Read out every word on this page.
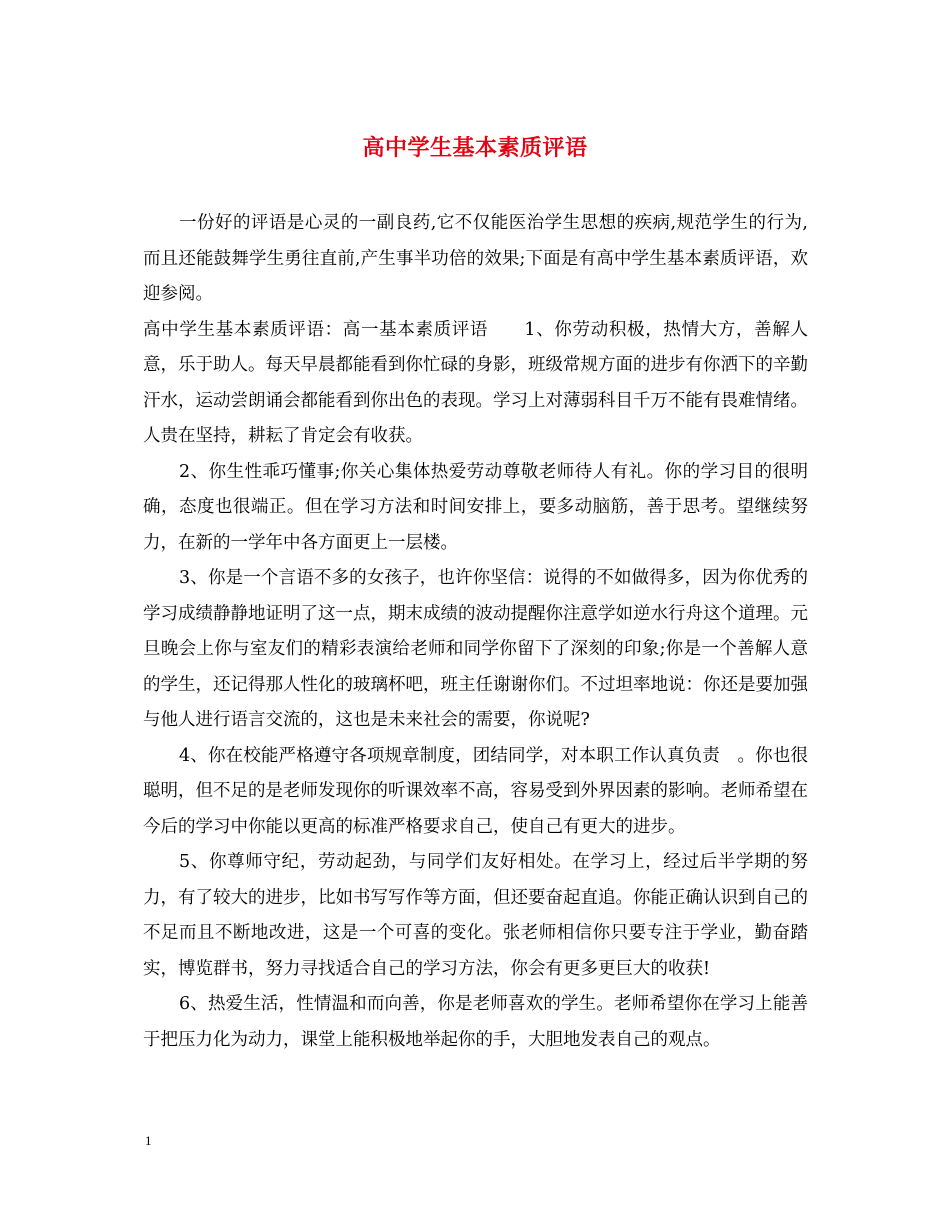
高中学生基本素质评语

一份好的评语是心灵的一副良药,它不仅能医治学生思想的疾病,规范学生的行为,而且还能鼓舞学生勇往直前,产生事半功倍的效果;下面是有高中学生基本素质评语，欢迎参阅。

高中学生基本素质评语：高一基本素质评语　　1、你劳动积极，热情大方，善解人意，乐于助人。每天早晨都能看到你忙碌的身影，班级常规方面的进步有你洒下的辛勤汗水，运动尝朗诵会都能看到你出色的表现。学习上对薄弱科目千万不能有畏难情绪。人贵在坚持，耕耘了肯定会有收获。

2、你生性乖巧懂事;你关心集体热爱劳动尊敬老师待人有礼。你的学习目的很明确，态度也很端正。但在学习方法和时间安排上，要多动脑筋，善于思考。望继续努力，在新的一学年中各方面更上一层楼。

3、你是一个言语不多的女孩子，也许你坚信：说得的不如做得多，因为你优秀的学习成绩静静地证明了这一点，期末成绩的波动提醒你注意学如逆水行舟这个道理。元旦晚会上你与室友们的精彩表演给老师和同学你留下了深刻的印象;你是一个善解人意的学生，还记得那人性化的玻璃杯吧，班主任谢谢你们。不过坦率地说：你还是要加强与他人进行语言交流的，这也是未来社会的需要，你说呢?

4、你在校能严格遵守各项规章制度，团结同学，对本职工作认真负责　。你也很聪明，但不足的是老师发现你的听课效率不高，容易受到外界因素的影响。老师希望在今后的学习中你能以更高的标准严格要求自己，使自己有更大的进步。

5、你尊师守纪，劳动起劲，与同学们友好相处。在学习上，经过后半学期的努力，有了较大的进步，比如书写写作等方面，但还要奋起直追。你能正确认识到自己的不足而且不断地改进，这是一个可喜的变化。张老师相信你只要专注于学业，勤奋踏实，博览群书，努力寻找适合自己的学习方法，你会有更多更巨大的收获!

6、热爱生活，性情温和而向善，你是老师喜欢的学生。老师希望你在学习上能善于把压力化为动力，课堂上能积极地举起你的手，大胆地发表自己的观点。

1
